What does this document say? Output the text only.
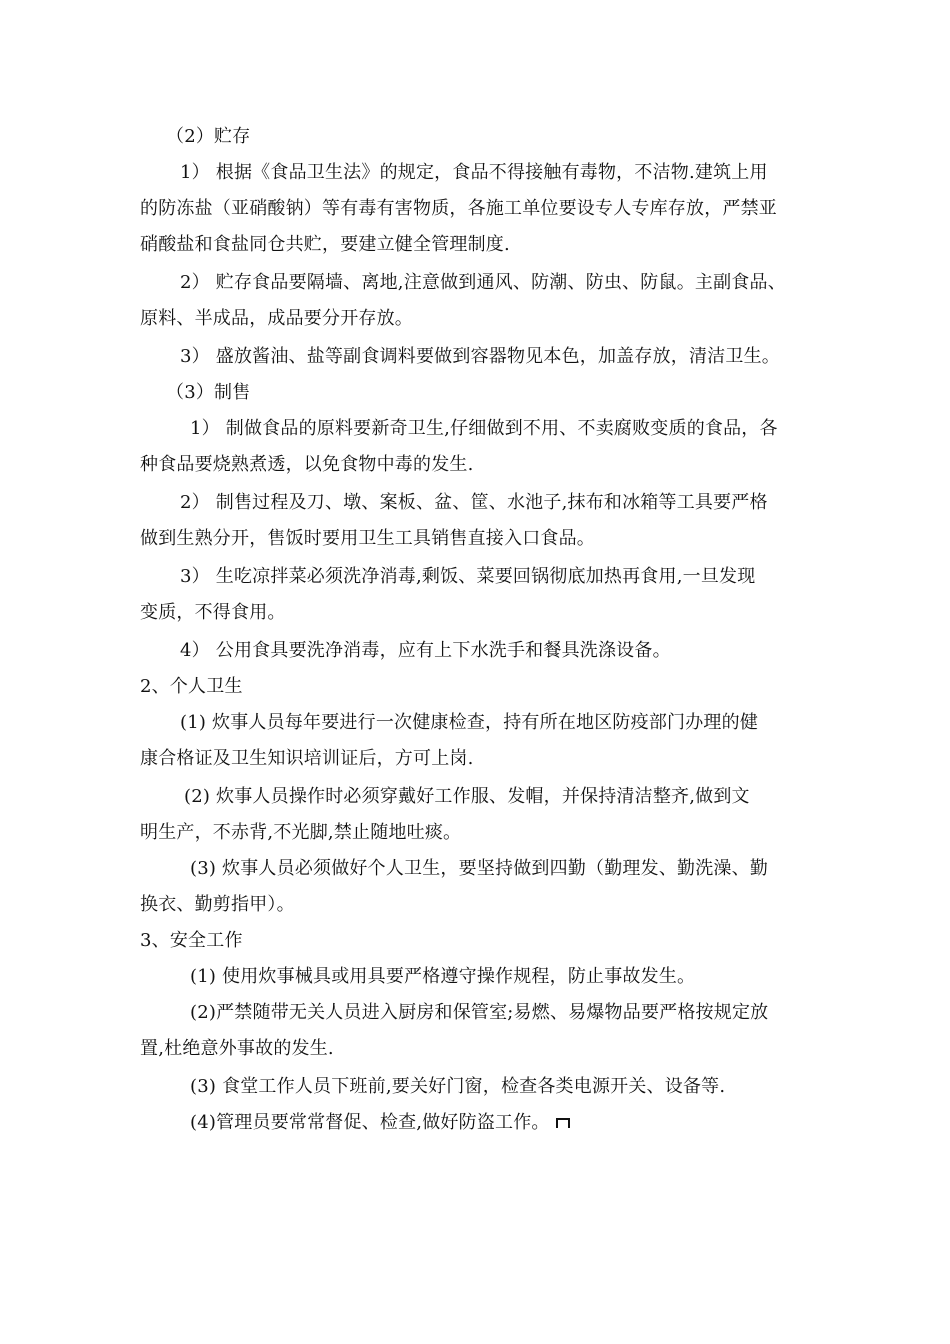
（2）贮存
1） 根据《食品卫生法》的规定，食品不得接触有毒物，不洁物.建筑上用
的防冻盐（亚硝酸钠）等有毒有害物质，各施工单位要设专人专库存放，严禁亚
硝酸盐和食盐同仓共贮，要建立健全管理制度.
2） 贮存食品要隔墙、离地,注意做到通风、防潮、防虫、防鼠。主副食品、
原料、半成品，成品要分开存放。
3） 盛放酱油、盐等副食调料要做到容器物见本色，加盖存放，清洁卫生。
（3）制售
1） 制做食品的原料要新奇卫生,仔细做到不用、不卖腐败变质的食品，各
种食品要烧熟煮透，以免食物中毒的发生.
2） 制售过程及刀、墩、案板、盆、筐、水池子,抹布和冰箱等工具要严格
做到生熟分开，售饭时要用卫生工具销售直接入口食品。
3） 生吃凉拌菜必须洗净消毒,剩饭、菜要回锅彻底加热再食用,一旦发现
变质，不得食用。
4） 公用食具要洗净消毒，应有上下水洗手和餐具洗涤设备。
2、个人卫生
(1) 炊事人员每年要进行一次健康检查，持有所在地区防疫部门办理的健
康合格证及卫生知识培训证后，方可上岗.
(2) 炊事人员操作时必须穿戴好工作服、发帽，并保持清洁整齐,做到文
明生产，不赤背,不光脚,禁止随地吐痰。
(3) 炊事人员必须做好个人卫生，要坚持做到四勤（勤理发、勤洗澡、勤
换衣、勤剪指甲）。
3、安全工作
(1) 使用炊事械具或用具要严格遵守操作规程，防止事故发生。
(2)严禁随带无关人员进入厨房和保管室;易燃、易爆物品要严格按规定放
置,杜绝意外事故的发生.
(3) 食堂工作人员下班前,要关好门窗，检查各类电源开关、设备等.
(4)管理员要常常督促、检查,做好防盗工作。
